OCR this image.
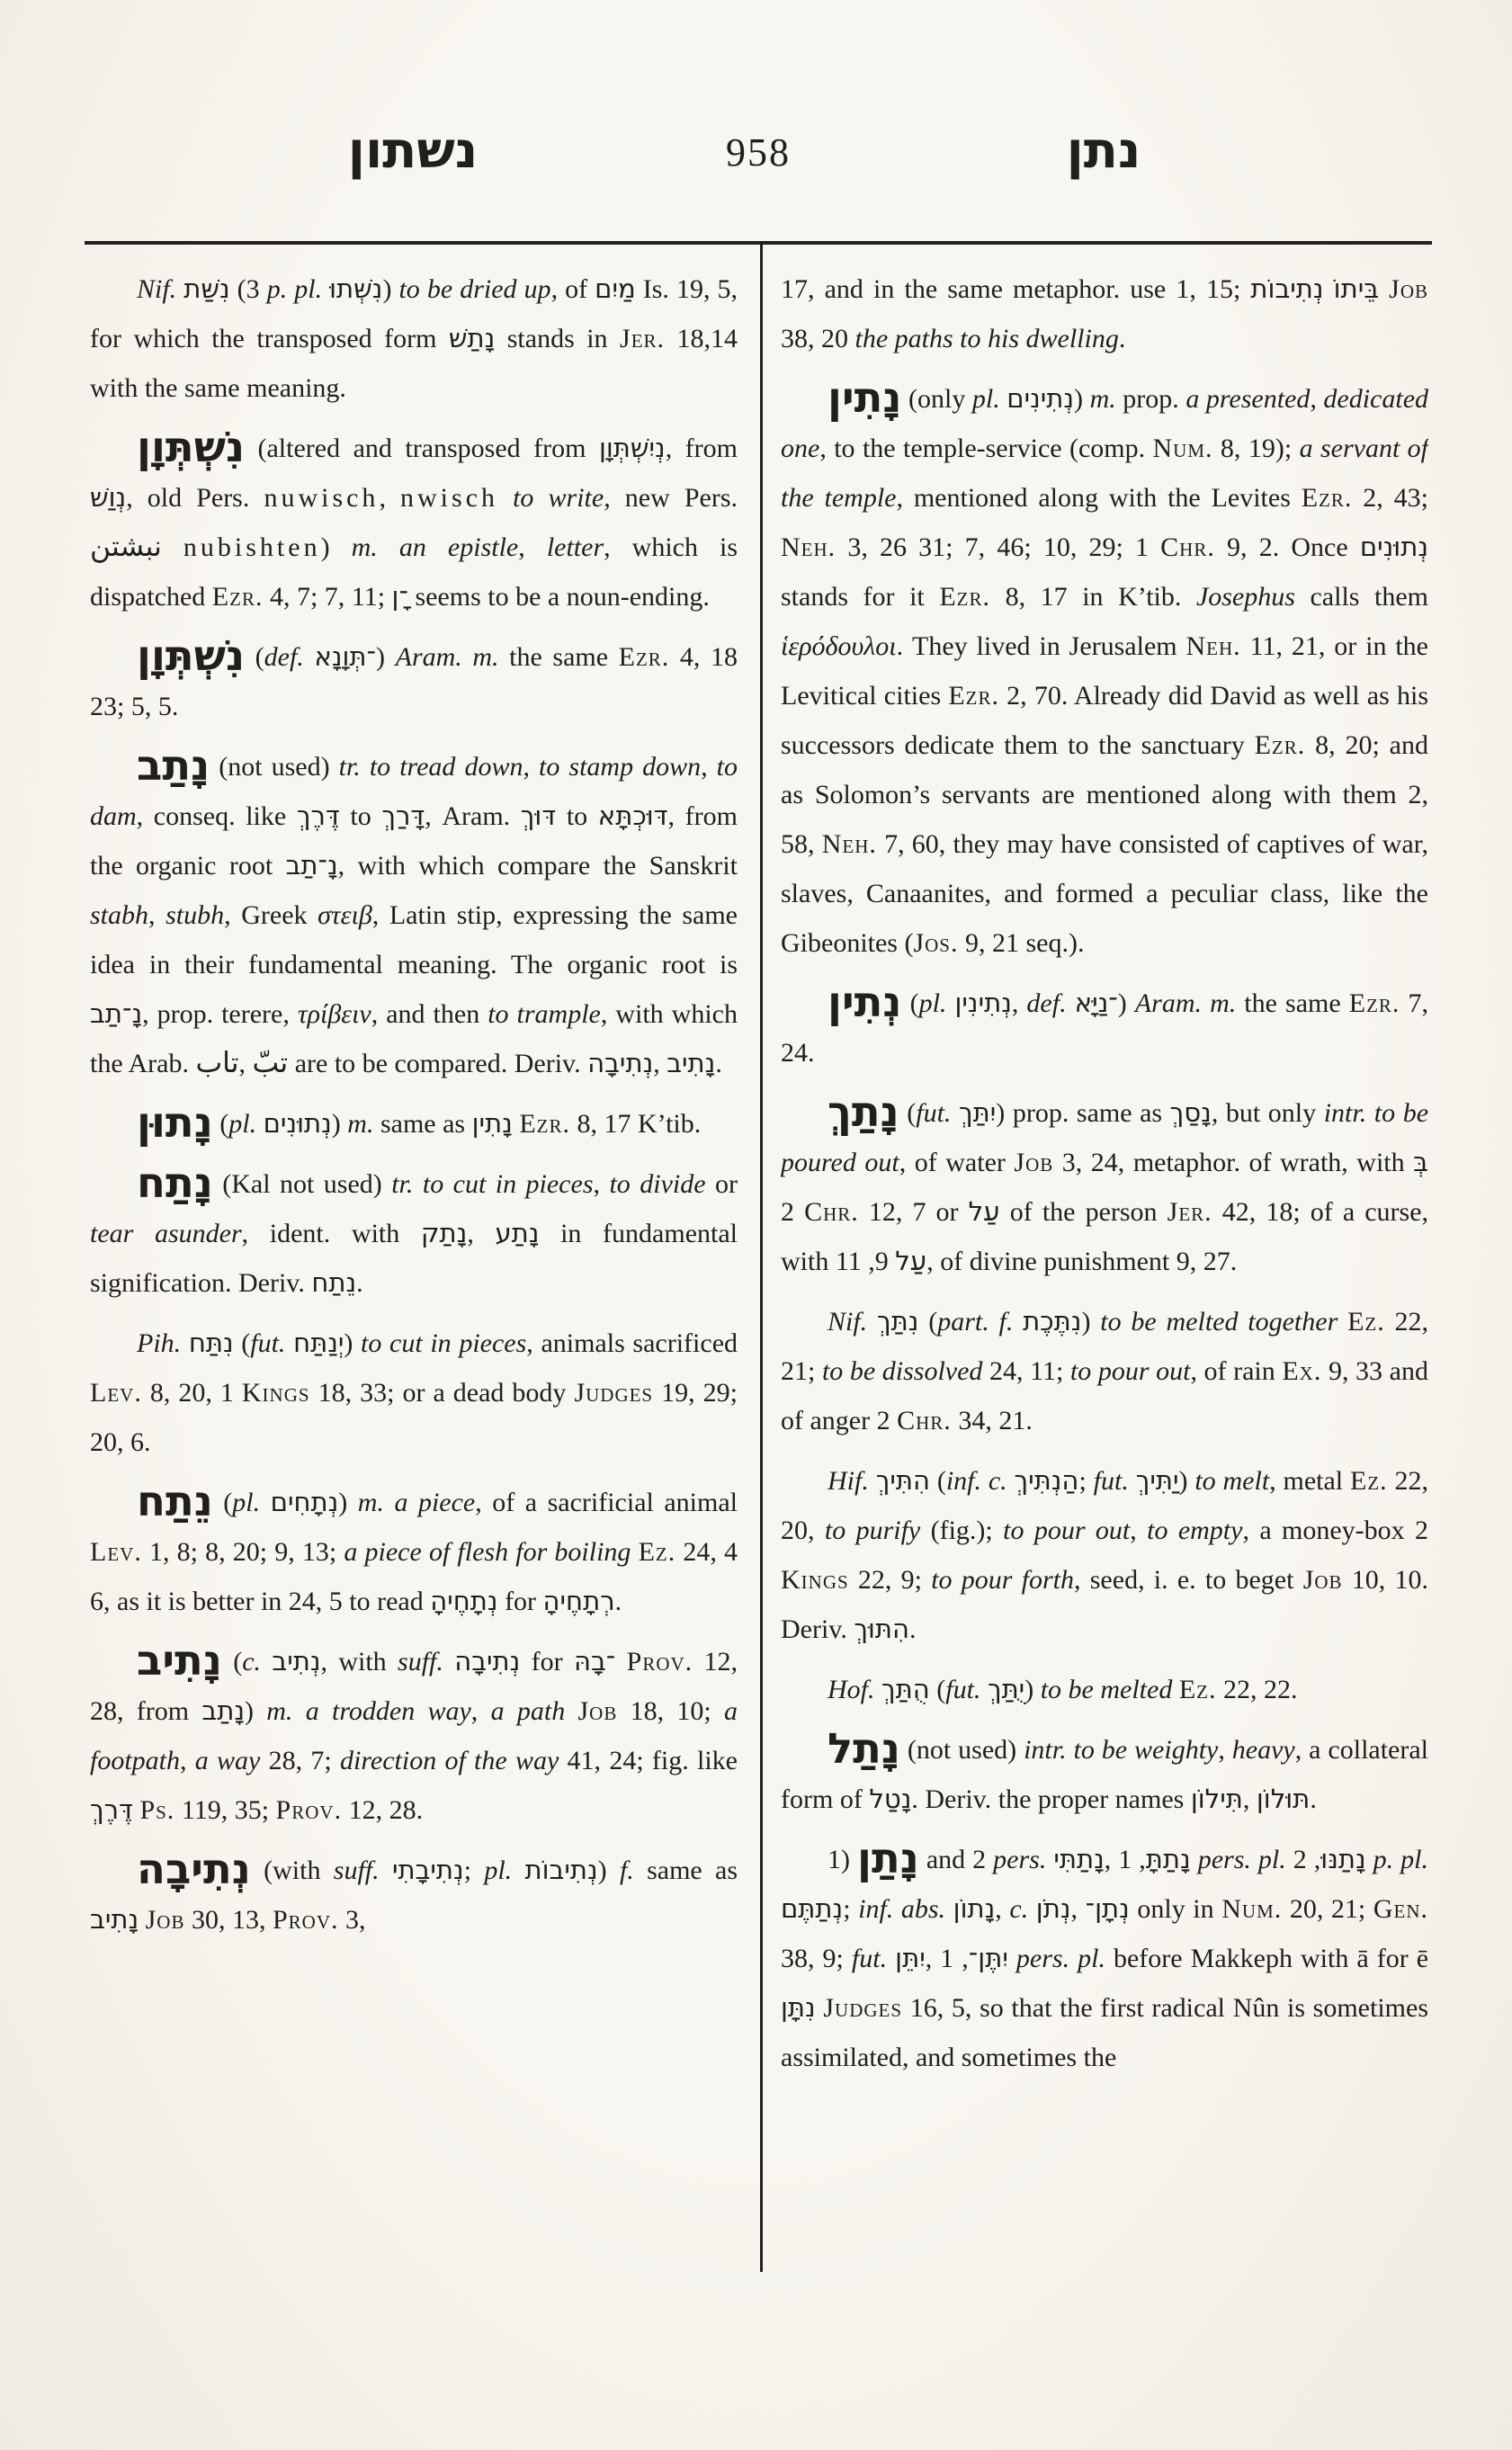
נשתון	958	נתן

Nif. נִשַּׁת (3 p. pl. נִשְּׁתוּ) to be dried up, of מַיִם Is. 19, 5, for which the transposed form נָתַשׁ stands in Jer. 18,14 with the same meaning.

נִשְׁתְּוָן (altered and transposed from נְיִשְׁתְּוָן, from נְוַשׁ, old Pers. nuwisch, nwisch to write, new Pers. نبشتن nubishten) m. an epistle, letter, which is dispatched Ezr. 4, 7; 7, 11; ־ָן seems to be a noun-ending.

נִשְׁתְּוָן (def. ־תְּוָנָא) Aram. m. the same Ezr. 4, 18 23; 5, 5.

נָתַב (not used) tr. to tread down, to stamp down, to dam, conseq. like דֶּרֶךְ to דָּרַךְ, Aram. דּוּךְ to דּוּכְתָּא, from the organic root נָ־תַב, with which compare the Sanskrit stabh, stubh, Greek στειβ, Latin stip, expressing the same idea in their fundamental meaning. The organic root is נָ־תַב, prop. terere, τρίβειν, and then to trample, with which the Arab. تاب,‎ تبّ are to be compared. Deriv. נְתִיבָה,‎ נָתִיב.

נָתוּן (pl. נְתוּנִים) m. same as נָתִין Ezr. 8, 17 K’tib.

נָתַח (Kal not used) tr. to cut in pieces, to divide or tear asunder, ident. with נָתַק,‎ נָתַע in fundamental signification. Deriv. נֵתַח.

Pih. נִתַּח (fut. יְנַתַּח) to cut in pieces, animals sacrificed Lev. 8, 20, 1 Kings 18, 33; or a dead body Judges 19, 29; 20, 6.

נֵתַח (pl. נְתָחִים) m. a piece, of a sacrificial animal Lev. 1, 8; 8, 20; 9, 13; a piece of flesh for boiling Ez. 24, 4 6, as it is better in 24, 5 to read נְתָחֶיהָ for רְתָחֶיהָ.

נָתִיב (c. נְתִיב, with suff. נְתִיבָה for ־בָהּ Prov. 12, 28, from נָתַב) m. a trodden way, a path Job 18, 10; a footpath, a way 28, 7; direction of the way 41, 24; fig. like דֶּרֶךְ Ps. 119, 35; Prov. 12, 28.

נְתִיבָה (with suff. נְתִיבָתִי; pl. נְתִיבוֹת) f. same as נָתִיב Job 30, 13, Prov. 3,

17, and in the same metaphor. use 1, 15; נְתִיבוֹת‎ בֵּיתוֹ Job 38, 20 the paths to his dwelling.

נָתִין (only pl. נְתִינִים) m. prop. a presented, dedicated one, to the temple-service (comp. Num. 8, 19); a servant of the temple, mentioned along with the Levites Ezr. 2, 43; Neh. 3, 26 31; 7, 46; 10, 29; 1 Chr. 9, 2. Once נְתוּנִים stands for it Ezr. 8, 17 in K’tib. Josephus calls them ἱερόδουλοι. They lived in Jerusalem Neh. 11, 21, or in the Levitical cities Ezr. 2, 70. Already did David as well as his successors dedicate them to the sanctuary Ezr. 8, 20; and as Solomon’s servants are mentioned along with them 2, 58, Neh. 7, 60, they may have consisted of captives of war, slaves, Canaanites, and formed a peculiar class, like the Gibeonites (Jos. 9, 21 seq.).

נְתִין (pl. נְתִינִין, def. ־נַיָּא) Aram. m. the same Ezr. 7, 24.

נָתַךְ (fut. יִתַּךְ) prop. same as נָסַךְ, but only intr. to be poured out, of water Job 3, 24, metaphor. of wrath, with בְּ 2 Chr. 12, 7 or עַל of the person Jer. 42, 18; of a curse, with עַל 9, 11, of divine punishment 9, 27.

Nif. נִתַּךְ (part. f. נִתֶּכֶת) to be melted together Ez. 22, 21; to be dissolved 24, 11; to pour out, of rain Ex. 9, 33 and of anger 2 Chr. 34, 21.

Hif. הִתִּיךְ (inf. c. הַנְתִּיךְ; fut. יַתִּיךְ) to melt, metal Ez. 22, 20, to purify (fig.); to pour out, to empty, a money-box 2 Kings 22, 9; to pour forth, seed, i. e. to beget Job 10, 10. Deriv. הִתּוּךְ.

Hof. הֻתַּךְ (fut. יֻתַּךְ) to be melted Ez. 22, 22.

נָתַל (not used) intr. to be weighty, heavy, a collateral form of נָטַל. Deriv. the proper names תִּילוֹן,‎ תּוּלוֹן.

נָתַן (1 and 2 pers. נָתַתִּי,‎ נָתַתָּ, 1 pers. pl. נָתַנּוּ, 2 p. pl. נְתַתֶּם; inf. abs. נָתוֹן, c. נְתֹן,‎ נְתָן־ only in Num. 20, 21; Gen. 38, 9; fut. יִתֵּן,‎ יִתֶּן־, 1 pers. pl. before Makkeph with ā for ē נִתָּן Judges 16, 5, so that the first radical Nûn is sometimes assimilated, and sometimes the
